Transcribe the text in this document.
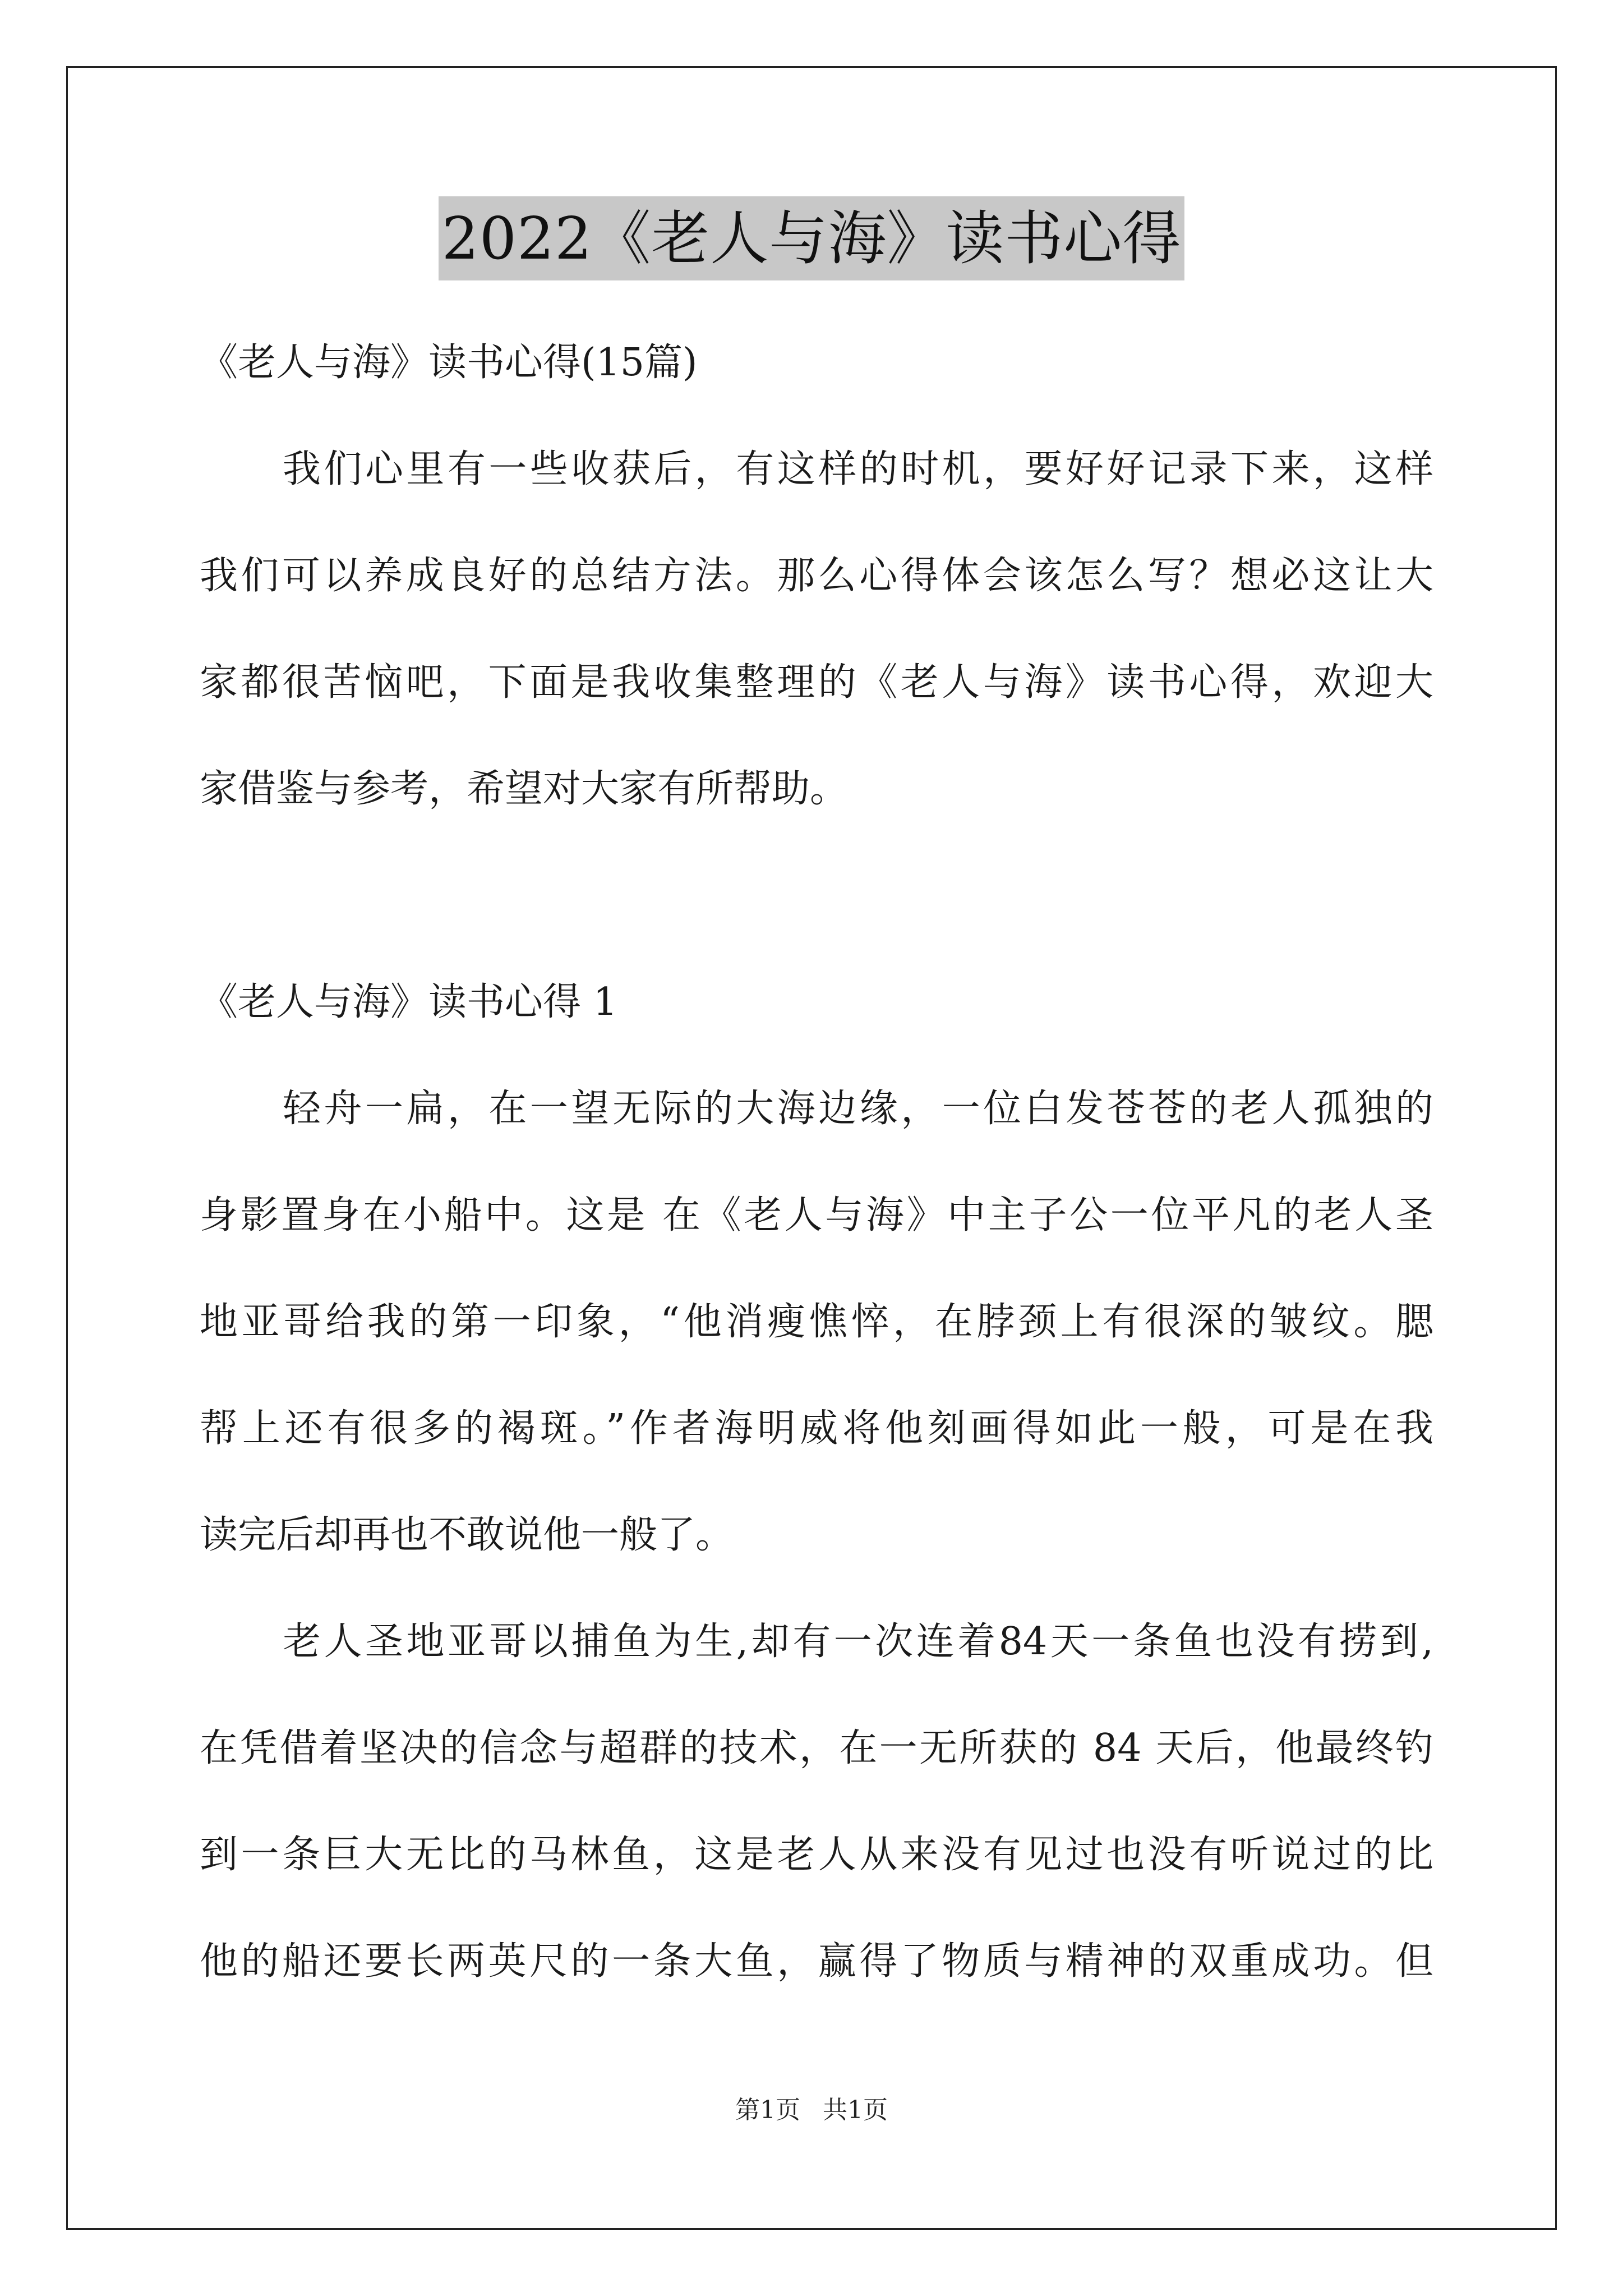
2022《老人与海》读书心得
《老人与海》读书心得(15篇)
我们心里有一些收获后，有这样的时机，要好好记录下来，这样
我们可以养成良好的总结方法。那么心得体会该怎么写？想必这让大
家都很苦恼吧，下面是我收集整理的《老人与海》读书心得，欢迎大
家借鉴与参考，希望对大家有所帮助。
《老人与海》读书心得 1
轻舟一扁，在一望无际的大海边缘，一位白发苍苍的老人孤独的
身影置身在小船中。这是 在《老人与海》中主子公一位平凡的老人圣
地亚哥给我的第一印象，“他消瘦憔悴，在脖颈上有很深的皱纹。腮
帮上还有很多的褐斑。”作者海明威将他刻画得如此一般，可是在我
读完后却再也不敢说他一般了。
老人圣地亚哥以捕鱼为生,却有一次连着84天一条鱼也没有捞到,
在凭借着坚决的信念与超群的技术，在一无所获的 84 天后，他最终钓
到一条巨大无比的马林鱼，这是老人从来没有见过也没有听说过的比
他的船还要长两英尺的一条大鱼，赢得了物质与精神的双重成功。但
第1页 共1页
